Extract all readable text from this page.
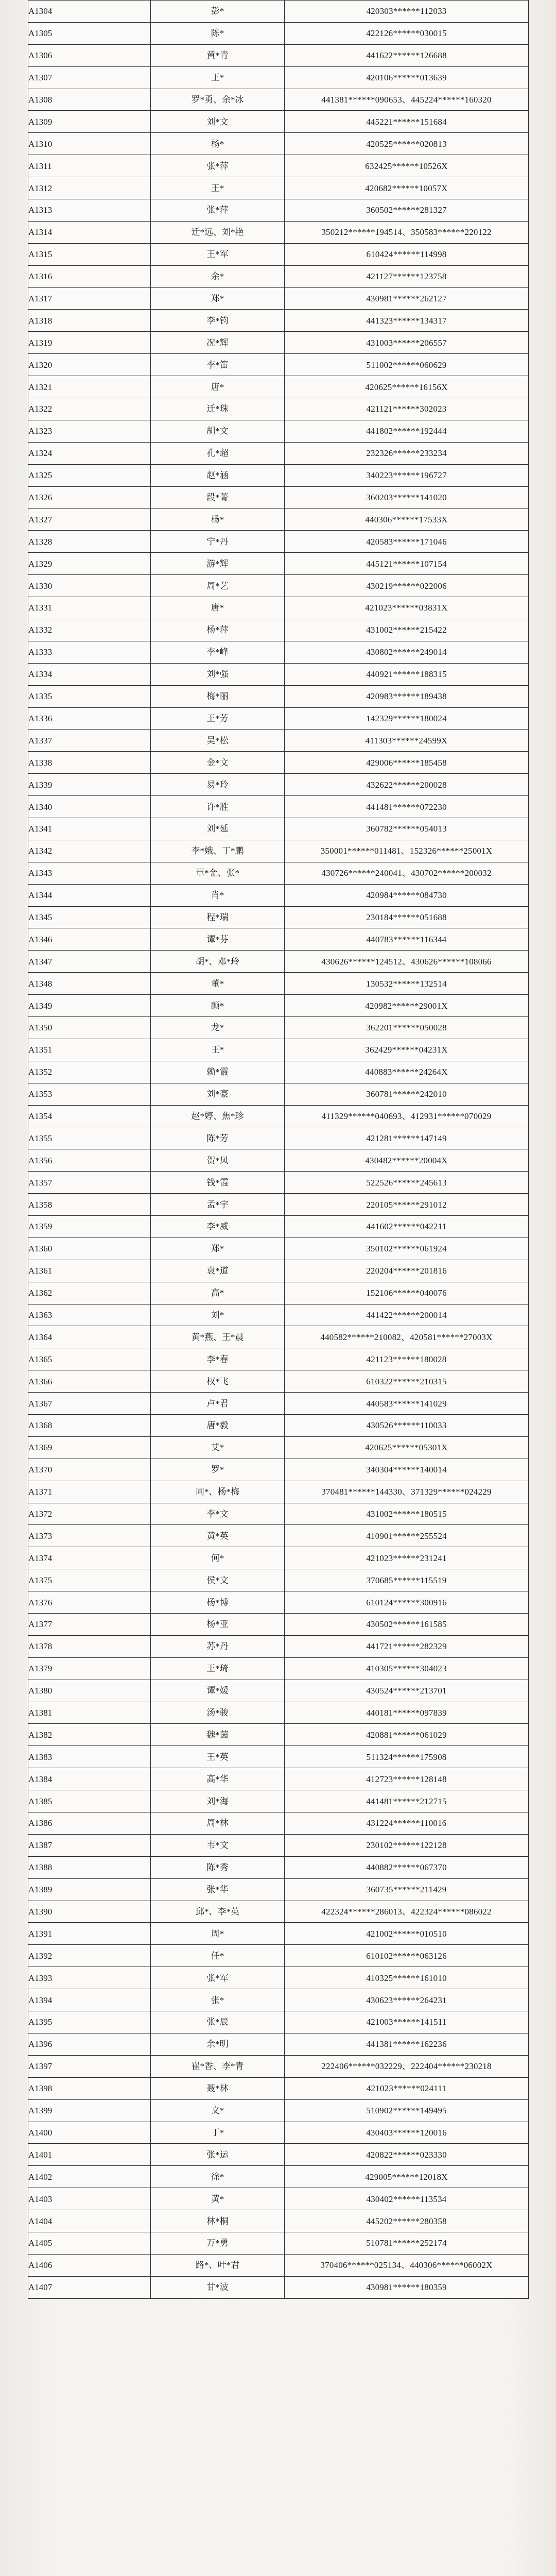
A1304	彭*	420303******112033
A1305	陈*	422126******030015
A1306	黄*青	441622******126688
A1307	王*	420106******013639
A1308	罗*勇、余*冰	441381******090653、445224******160320
A1309	刘*文	445221******151684
A1310	杨*	420525******020813
A1311	张*萍	632425******10526X
A1312	王*	420682******10057X
A1313	张*萍	360502******281327
A1314	迁*远、刘*艳	350212******194514、350583******220122
A1315	王*军	610424******114998
A1316	余*	421127******123758
A1317	郑*	430981******262127
A1318	李*钧	441323******134317
A1319	况*辉	431003******206557
A1320	李*笛	511002******060629
A1321	唐*	420625******16156X
A1322	迁*珠	421121******302023
A1323	胡*文	441802******192444
A1324	孔*超	232326******233234
A1325	赵*涵	340223******196727
A1326	段*菁	360203******141020
A1327	杨*	440306******17533X
A1328	宁*丹	420583******171046
A1329	游*辉	445121******107154
A1330	周*艺	430219******022006
A1331	唐*	421023******03831X
A1332	杨*萍	431002******215422
A1333	李*峰	430802******249014
A1334	刘*强	440921******188315
A1335	梅*丽	420983******189438
A1336	王*芳	142329******180024
A1337	吴*松	411303******24599X
A1338	金*文	429006******185458
A1339	易*玲	432622******200028
A1340	许*胜	441481******072230
A1341	刘*延	360782******054013
A1342	李*娥、丁*鹏	350001******011481、152326******25001X
A1343	覃*金、张*	430726******240041、430702******200032
A1344	肖*	420984******084730
A1345	程*瑞	230184******051688
A1346	谭*芬	440783******116344
A1347	胡*、邓*玲	430626******124512、430626******108066
A1348	董*	130532******132514
A1349	顾*	420982******29001X
A1350	龙*	362201******050028
A1351	王*	362429******04231X
A1352	赖*霞	440883******24264X
A1353	刘*豪	360781******242010
A1354	赵*婷、焦*珍	411329******040693、412931******070029
A1355	陈*芳	421281******147149
A1356	贺*凤	430482******20004X
A1357	钱*霞	522526******245613
A1358	孟*宇	220105******291012
A1359	李*威	441602******042211
A1360	郑*	350102******061924
A1361	袁*道	220204******201816
A1362	高*	152106******040076
A1363	刘*	441422******200014
A1364	黄*燕、王*晨	440582******210082、420581******27003X
A1365	李*春	421123******180028
A1366	权*飞	610322******210315
A1367	卢*君	440583******141029
A1368	唐*毅	430526******110033
A1369	艾*	420625******05301X
A1370	罗*	340304******140014
A1371	同*、杨*梅	370481******144330、371329******024229
A1372	李*文	431002******180515
A1373	黄*英	410901******255524
A1374	何*	421023******231241
A1375	侯*文	370685******115519
A1376	杨*博	610124******300916
A1377	杨*亚	430502******161585
A1378	苏*丹	441721******282329
A1379	王*琦	410305******304023
A1380	谭*媛	430524******213701
A1381	汤*骏	440181******097839
A1382	魏*茵	420881******061029
A1383	王*英	511324******175908
A1384	高*华	412723******128148
A1385	刘*海	441481******212715
A1386	周*林	431224******110016
A1387	韦*文	230102******122128
A1388	陈*秀	440882******067370
A1389	张*华	360735******211429
A1390	邱*、李*英	422324******286013、422324******086022
A1391	周*	421002******010510
A1392	任*	610102******063126
A1393	张*军	410325******161010
A1394	张*	430623******264231
A1395	张*辰	421003******141511
A1396	余*明	441381******162236
A1397	崔*香、李*青	222406******032229、222404******230218
A1398	聂*林	421023******024111
A1399	文*	510902******149495
A1400	丁*	430403******120016
A1401	张*运	420822******023330
A1402	徐*	429005******12018X
A1403	黄*	430402******113534
A1404	林*桐	445202******280358
A1405	万*勇	510781******252174
A1406	路*、叶*君	370406******025134、440306******06002X
A1407	甘*波	430981******180359
